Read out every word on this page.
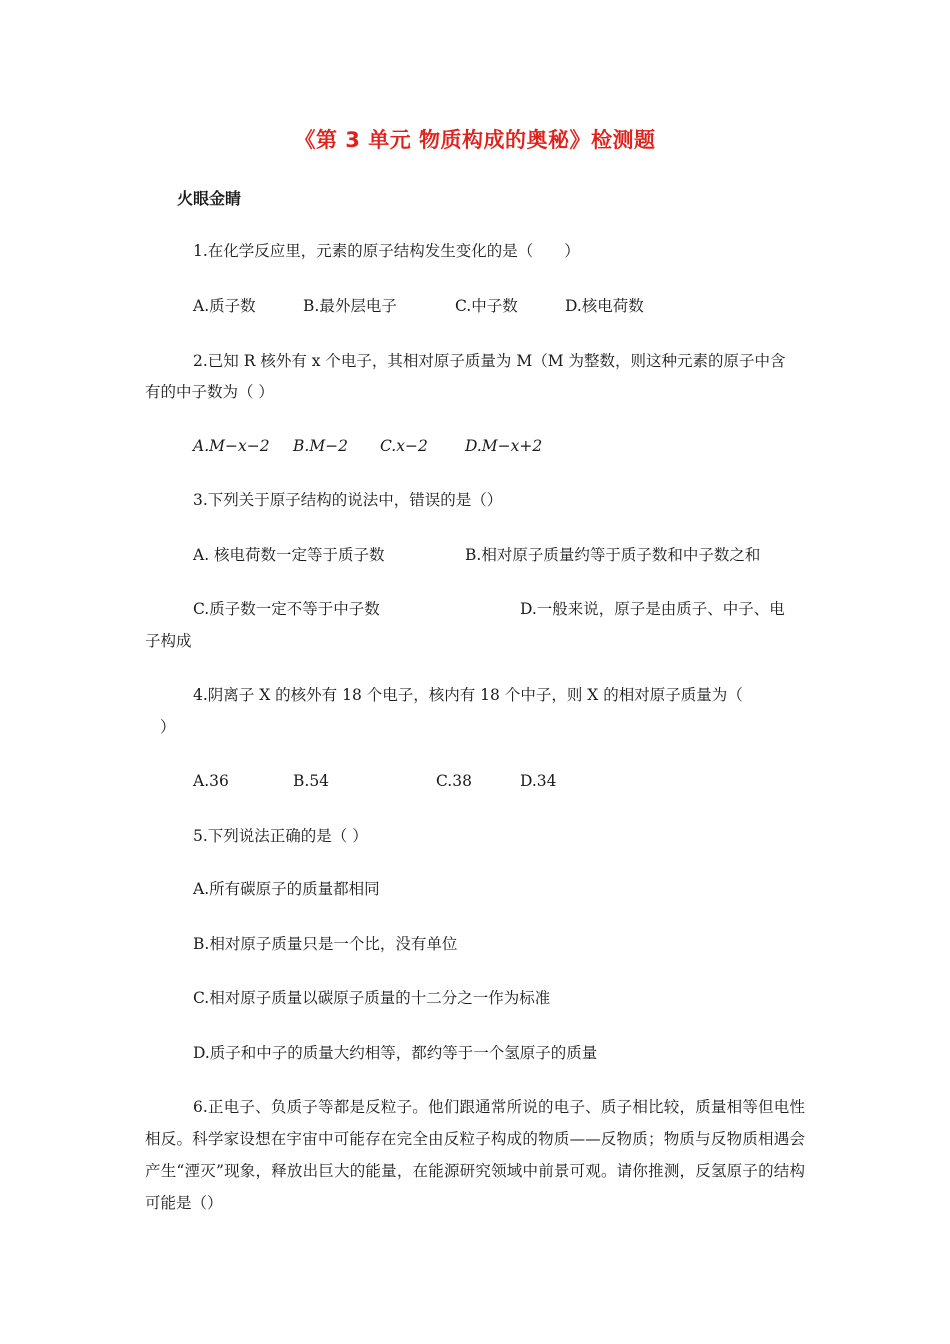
《第 3 单元 物质构成的奥秘》检测题
火眼金睛
1.在化学反应里，元素的原子结构发生变化的是（　　）
A.质子数	B.最外层电子	C.中子数	D.核电荷数
2.已知 R 核外有 x 个电子，其相对原子质量为 M（M 为整数，则这种元素的原子中含
有的中子数为（ ）
A.M−x−2 B.M−2 C.x−2 D.M−x+2
3.下列关于原子结构的说法中，错误的是（）
A. 核电荷数一定等于质子数	B.相对原子质量约等于质子数和中子数之和
C.质子数一定不等于中子数	D.一般来说，原子是由质子、中子、电
子构成
4.阴离子 X 的核外有 18 个电子，核内有 18 个中子，则 X 的相对原子质量为（
）
A.36	B.54	C.38	D.34
5.下列说法正确的是（ ）
A.所有碳原子的质量都相同
B.相对原子质量只是一个比，没有单位
C.相对原子质量以碳原子质量的十二分之一作为标准
D.质子和中子的质量大约相等，都约等于一个氢原子的质量
6.正电子、负质子等都是反粒子。他们跟通常所说的电子、质子相比较，质量相等但电性相反。科学家设想在宇宙中可能存在完全由反粒子构成的物质——反物质；物质与反物质相遇会产生“湮灭”现象，释放出巨大的能量，在能源研究领域中前景可观。请你推测，反氢原子的结构可能是（）
